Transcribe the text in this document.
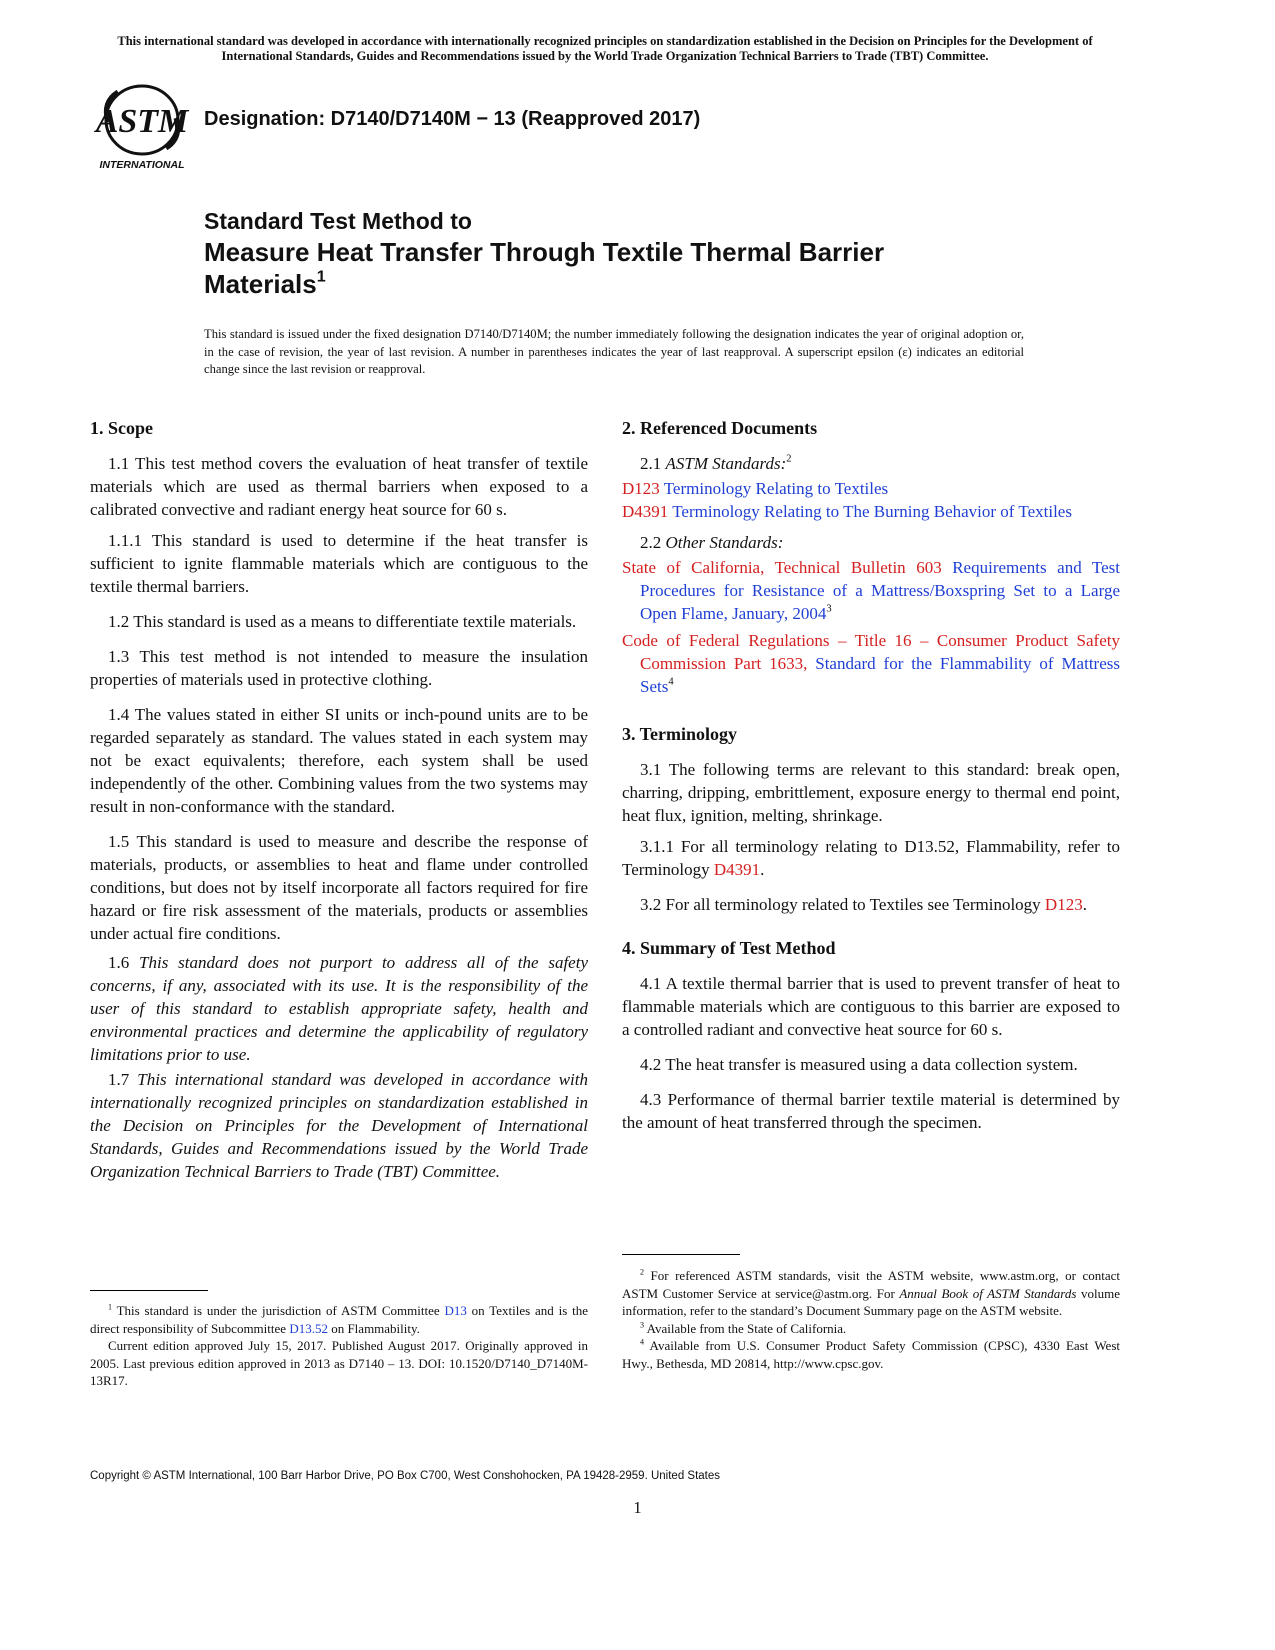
This international standard was developed in accordance with internationally recognized principles on standardization established in the Decision on Principles for the Development of International Standards, Guides and Recommendations issued by the World Trade Organization Technical Barriers to Trade (TBT) Committee.
ASTM
INTERNATIONAL
Designation: D7140/D7140M − 13 (Reapproved 2017)
Standard Test Method to
Measure Heat Transfer Through Textile Thermal Barrier
Materials$^1$
This standard is issued under the fixed designation D7140/D7140M; the number immediately following the designation indicates the year of original adoption or, in the case of revision, the year of last revision. A number in parentheses indicates the year of last reapproval. A superscript epsilon (ε) indicates an editorial change since the last revision or reapproval.
1. Scope

1.1 This test method covers the evaluation of heat transfer of textile materials which are used as thermal barriers when exposed to a calibrated convective and radiant energy heat source for 60 s.

1.1.1 This standard is used to determine if the heat transfer is sufficient to ignite flammable materials which are contiguous to the textile thermal barriers.

1.2 This standard is used as a means to differentiate textile materials.

1.3 This test method is not intended to measure the insulation properties of materials used in protective clothing.

1.4 The values stated in either SI units or inch-pound units are to be regarded separately as standard. The values stated in each system may not be exact equivalents; therefore, each system shall be used independently of the other. Combining values from the two systems may result in non-conformance with the standard.

1.5 This standard is used to measure and describe the response of materials, products, or assemblies to heat and flame under controlled conditions, but does not by itself incorporate all factors required for fire hazard or fire risk assessment of the materials, products or assemblies under actual fire conditions.

1.6 This standard does not purport to address all of the safety concerns, if any, associated with its use. It is the responsibility of the user of this standard to establish appropriate safety, health and environmental practices and determine the applicability of regulatory limitations prior to use.

1.7 This international standard was developed in accordance with internationally recognized principles on standardization established in the Decision on Principles for the Development of International Standards, Guides and Recommendations issued by the World Trade Organization Technical Barriers to Trade (TBT) Committee.

2. Referenced Documents

2.1 ASTM Standards:$^2$

D123 Terminology Relating to Textiles

D4391 Terminology Relating to The Burning Behavior of Textiles

2.2 Other Standards:

State of California, Technical Bulletin 603 Requirements and Test Procedures for Resistance of a Mattress/Boxspring Set to a Large Open Flame, January, 2004$^3$

Code of Federal Regulations – Title 16 – Consumer Product Safety Commission Part 1633, Standard for the Flammability of Mattress Sets$^4$

3. Terminology

3.1 The following terms are relevant to this standard: break open, charring, dripping, embrittlement, exposure energy to thermal end point, heat flux, ignition, melting, shrinkage.

3.1.1 For all terminology relating to D13.52, Flammability, refer to Terminology D4391.

3.2 For all terminology related to Textiles see Terminology D123.

4. Summary of Test Method

4.1 A textile thermal barrier that is used to prevent transfer of heat to flammable materials which are contiguous to this barrier are exposed to a controlled radiant and convective heat source for 60 s.

4.2 The heat transfer is measured using a data collection system.

4.3 Performance of thermal barrier textile material is determined by the amount of heat transferred through the specimen.

$^1$ This standard is under the jurisdiction of ASTM Committee D13 on Textiles and is the direct responsibility of Subcommittee D13.52 on Flammability.

Current edition approved July 15, 2017. Published August 2017. Originally approved in 2005. Last previous edition approved in 2013 as D7140 – 13. DOI: 10.1520/D7140_D7140M-13R17.

$^2$ For referenced ASTM standards, visit the ASTM website, www.astm.org, or contact ASTM Customer Service at service@astm.org. For Annual Book of ASTM Standards volume information, refer to the standard’s Document Summary page on the ASTM website.

$^3$ Available from the State of California.

$^4$ Available from U.S. Consumer Product Safety Commission (CPSC), 4330 East West Hwy., Bethesda, MD 20814, http://www.cpsc.gov.

Copyright © ASTM International, 100 Barr Harbor Drive, PO Box C700, West Conshohocken, PA 19428-2959. United States
1
